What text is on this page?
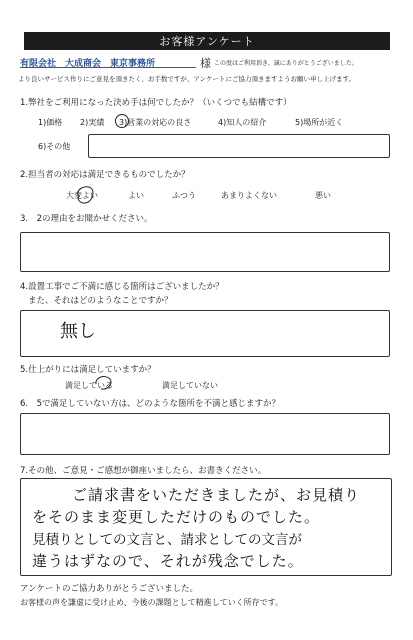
お客様アンケート
有限会社　大成商会　東京事務所	様 この度はご利用頂き、誠にありがとうございました。
より良いサービス作りにご意見を頂きたく、お手数ですが、アンケートにご協力頂きますようお願い申し上げます。
1.弊社をご利用になった決め手は何でしたか？（いくつでも結構です）
1)価格 2)実績 3)営業の対応の良さ	4)知人の紹介	5)場所が近く
6)その他
2.担当者の対応は満足できるものでしたか？
大変よい	よい	ふつう	あまりよくない	悪い
3.　2の理由をお聞かせください。
4.設置工事でご不満に感じる箇所はございましたか？
また、それはどのようなことですか？
無し
5.仕上がりには満足していますか？
満足している	満足していない
6.　5で満足していない方は、どのような箇所を不満と感じますか？
7.その他、ご意見・ご感想が御座いましたら、お書きください。
ご請求書をいただきましたが、お見積り
をそのまま変更しただけのものでした。
見積りとしての文言と、請求としての文言が
違うはずなので、それが残念でした。
アンケートのご協力ありがとうございました。
お客様の声を謙虚に受け止め、今後の課題として精進していく所存です。
